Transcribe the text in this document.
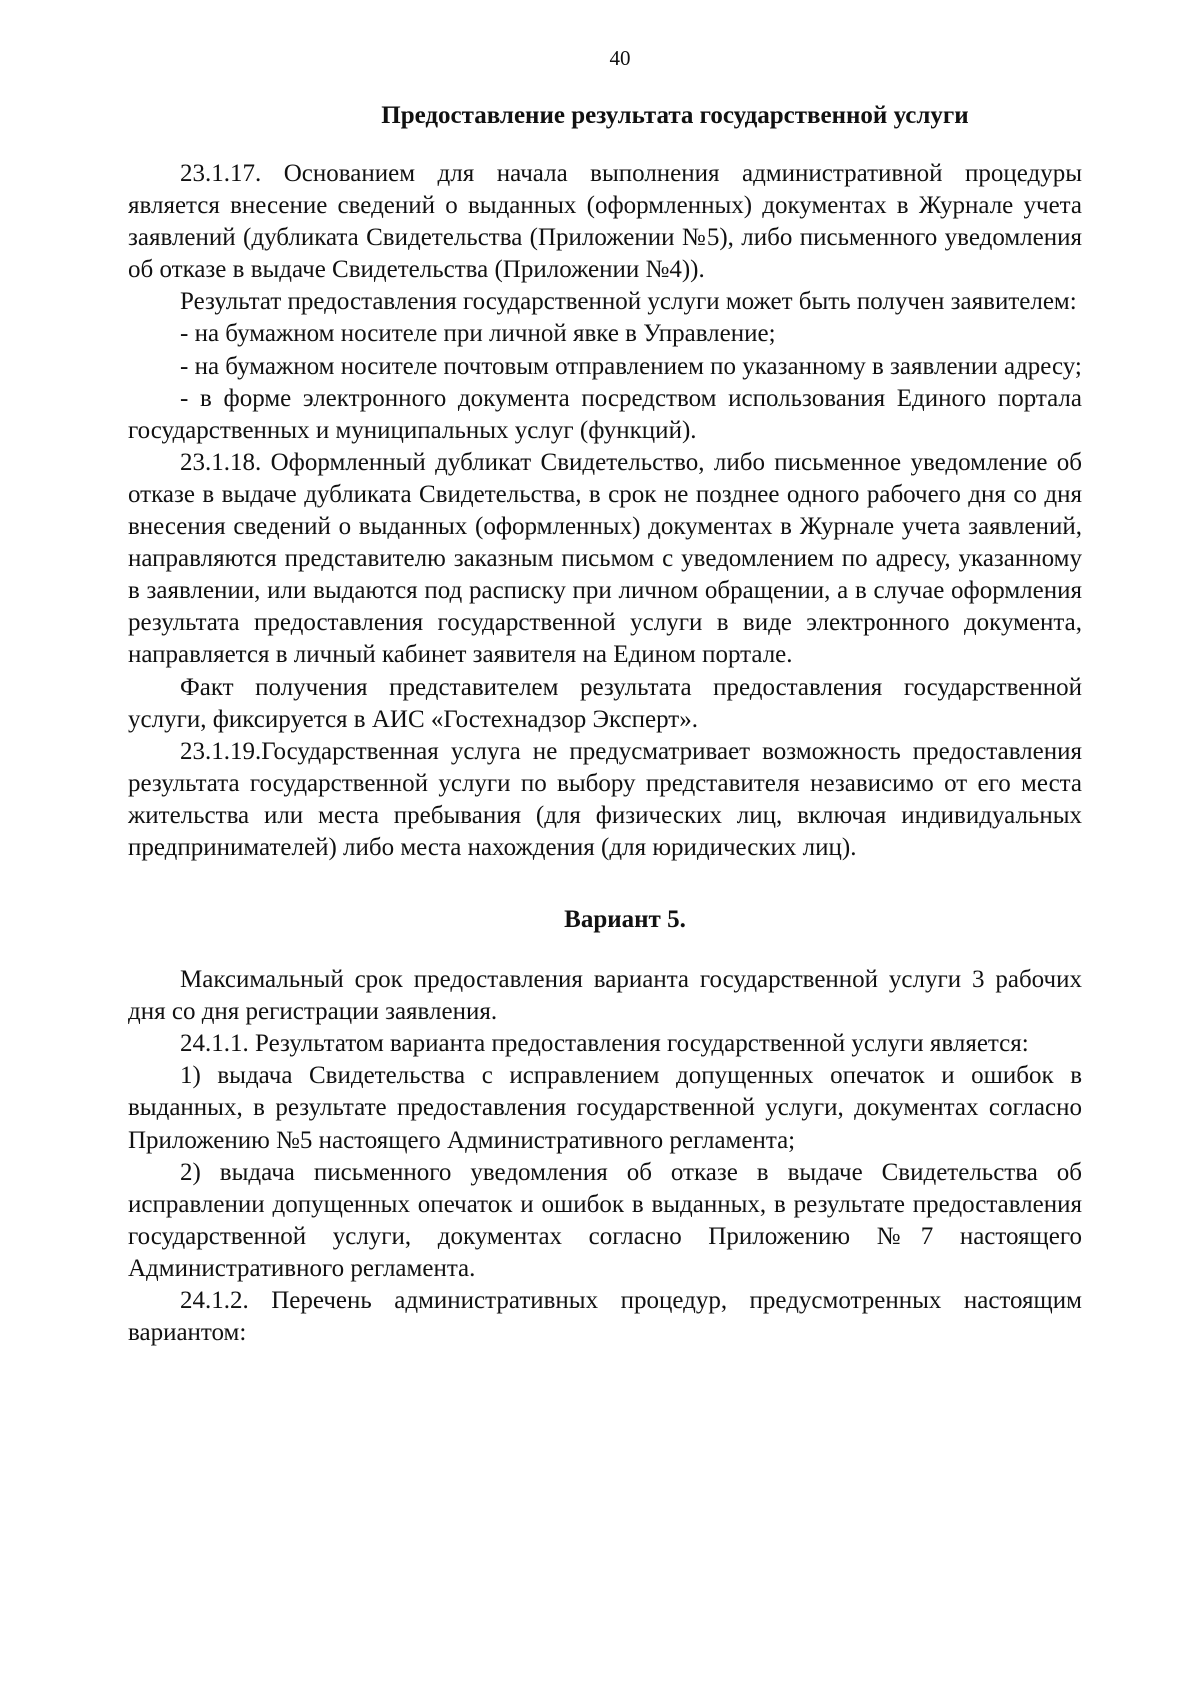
40
Предоставление результата государственной услуги

23.1.17. Основанием для начала выполнения административной процедуры является внесение сведений о выданных (оформленных) документах в Журнале учета заявлений (дубликата Свидетельства (Приложении №5), либо письменного уведомления об отказе в выдаче Свидетельства (Приложении №4)).

Результат предоставления государственной услуги может быть получен заявителем:

- на бумажном носителе при личной явке в Управление;

- на бумажном носителе почтовым отправлением по указанному в заявлении адресу;

- в форме электронного документа посредством использования Единого портала государственных и муниципальных услуг (функций).

23.1.18. Оформленный дубликат Свидетельство, либо письменное уведомление об отказе в выдаче дубликата Свидетельства, в срок не позднее одного рабочего дня со дня внесения сведений о выданных (оформленных) документах в Журнале учета заявлений, направляются представителю заказным письмом с уведомлением по адресу, указанному в заявлении, или выдаются под расписку при личном обращении, а в случае оформления результата предоставления государственной услуги в виде электронного документа, направляется в личный кабинет заявителя на Едином портале.

Факт получения представителем результата предоставления государственной услуги, фиксируется в АИС «Гостехнадзор Эксперт».

23.1.19.Государственная услуга не предусматривает возможность предоставления результата государственной услуги по выбору представителя независимо от его места жительства или места пребывания (для физических лиц, включая индивидуальных предпринимателей) либо места нахождения (для юридических лиц).

Вариант 5.

Максимальный срок предоставления варианта государственной услуги 3 рабочих дня со дня регистрации заявления.

24.1.1. Результатом варианта предоставления государственной услуги является:

1) выдача Свидетельства с исправлением допущенных опечаток и ошибок в выданных, в результате предоставления государственной услуги, документах согласно Приложению №5 настоящего Административного регламента;

2) выдача письменного уведомления об отказе в выдаче Свидетельства об исправлении допущенных опечаток и ошибок в выданных, в результате предоставления государственной услуги, документах согласно Приложению №7 настоящего Административного регламента.

24.1.2. Перечень административных процедур, предусмотренных настоящим вариантом:
